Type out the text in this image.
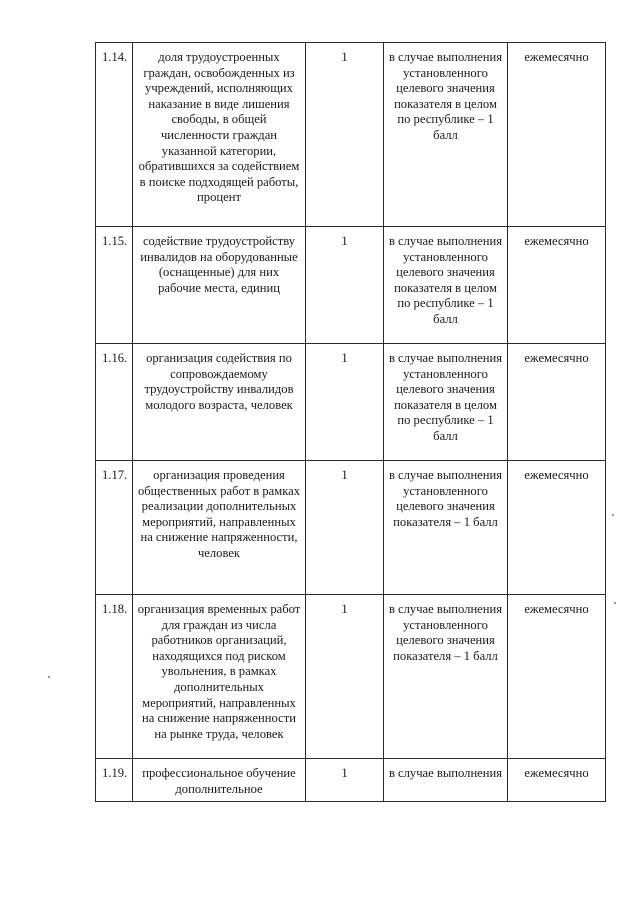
1.14.	доля трудоустроенных граждан, освобожденных из учреждений, исполняющих наказание в виде лишения свободы, в общей численности граждан указанной категории, обратившихся за содействием в поиске подходящей работы, процент	1	в случае выполнения установленного целевого значения показателя в целом по республике – 1 балл	ежемесячно
1.15.	содействие трудоустройству инвалидов на оборудованные (оснащенные) для них рабочие места, единиц	1	в случае выполнения установленного целевого значения показателя в целом по республике – 1 балл	ежемесячно
1.16.	организация содействия по сопровождаемому трудоустройству инвалидов молодого возраста, человек	1	в случае выполнения установленного целевого значения показателя в целом по республике – 1 балл	ежемесячно
1.17.	организация проведения общественных работ в рамках реализации дополнительных мероприятий, направленных на снижение напряженности, человек	1	в случае выполнения установленного целевого значения показателя – 1 балл	ежемесячно
1.18.	организация временных работ для граждан из числа работников организаций, находящихся под риском увольнения, в рамках дополнительных мероприятий, направленных на снижение напряженности на рынке труда, человек	1	в случае выполнения установленного целевого значения показателя – 1 балл	ежемесячно
1.19.	профессиональное обучение дополнительное	1	в случае выполнения	ежемесячно
